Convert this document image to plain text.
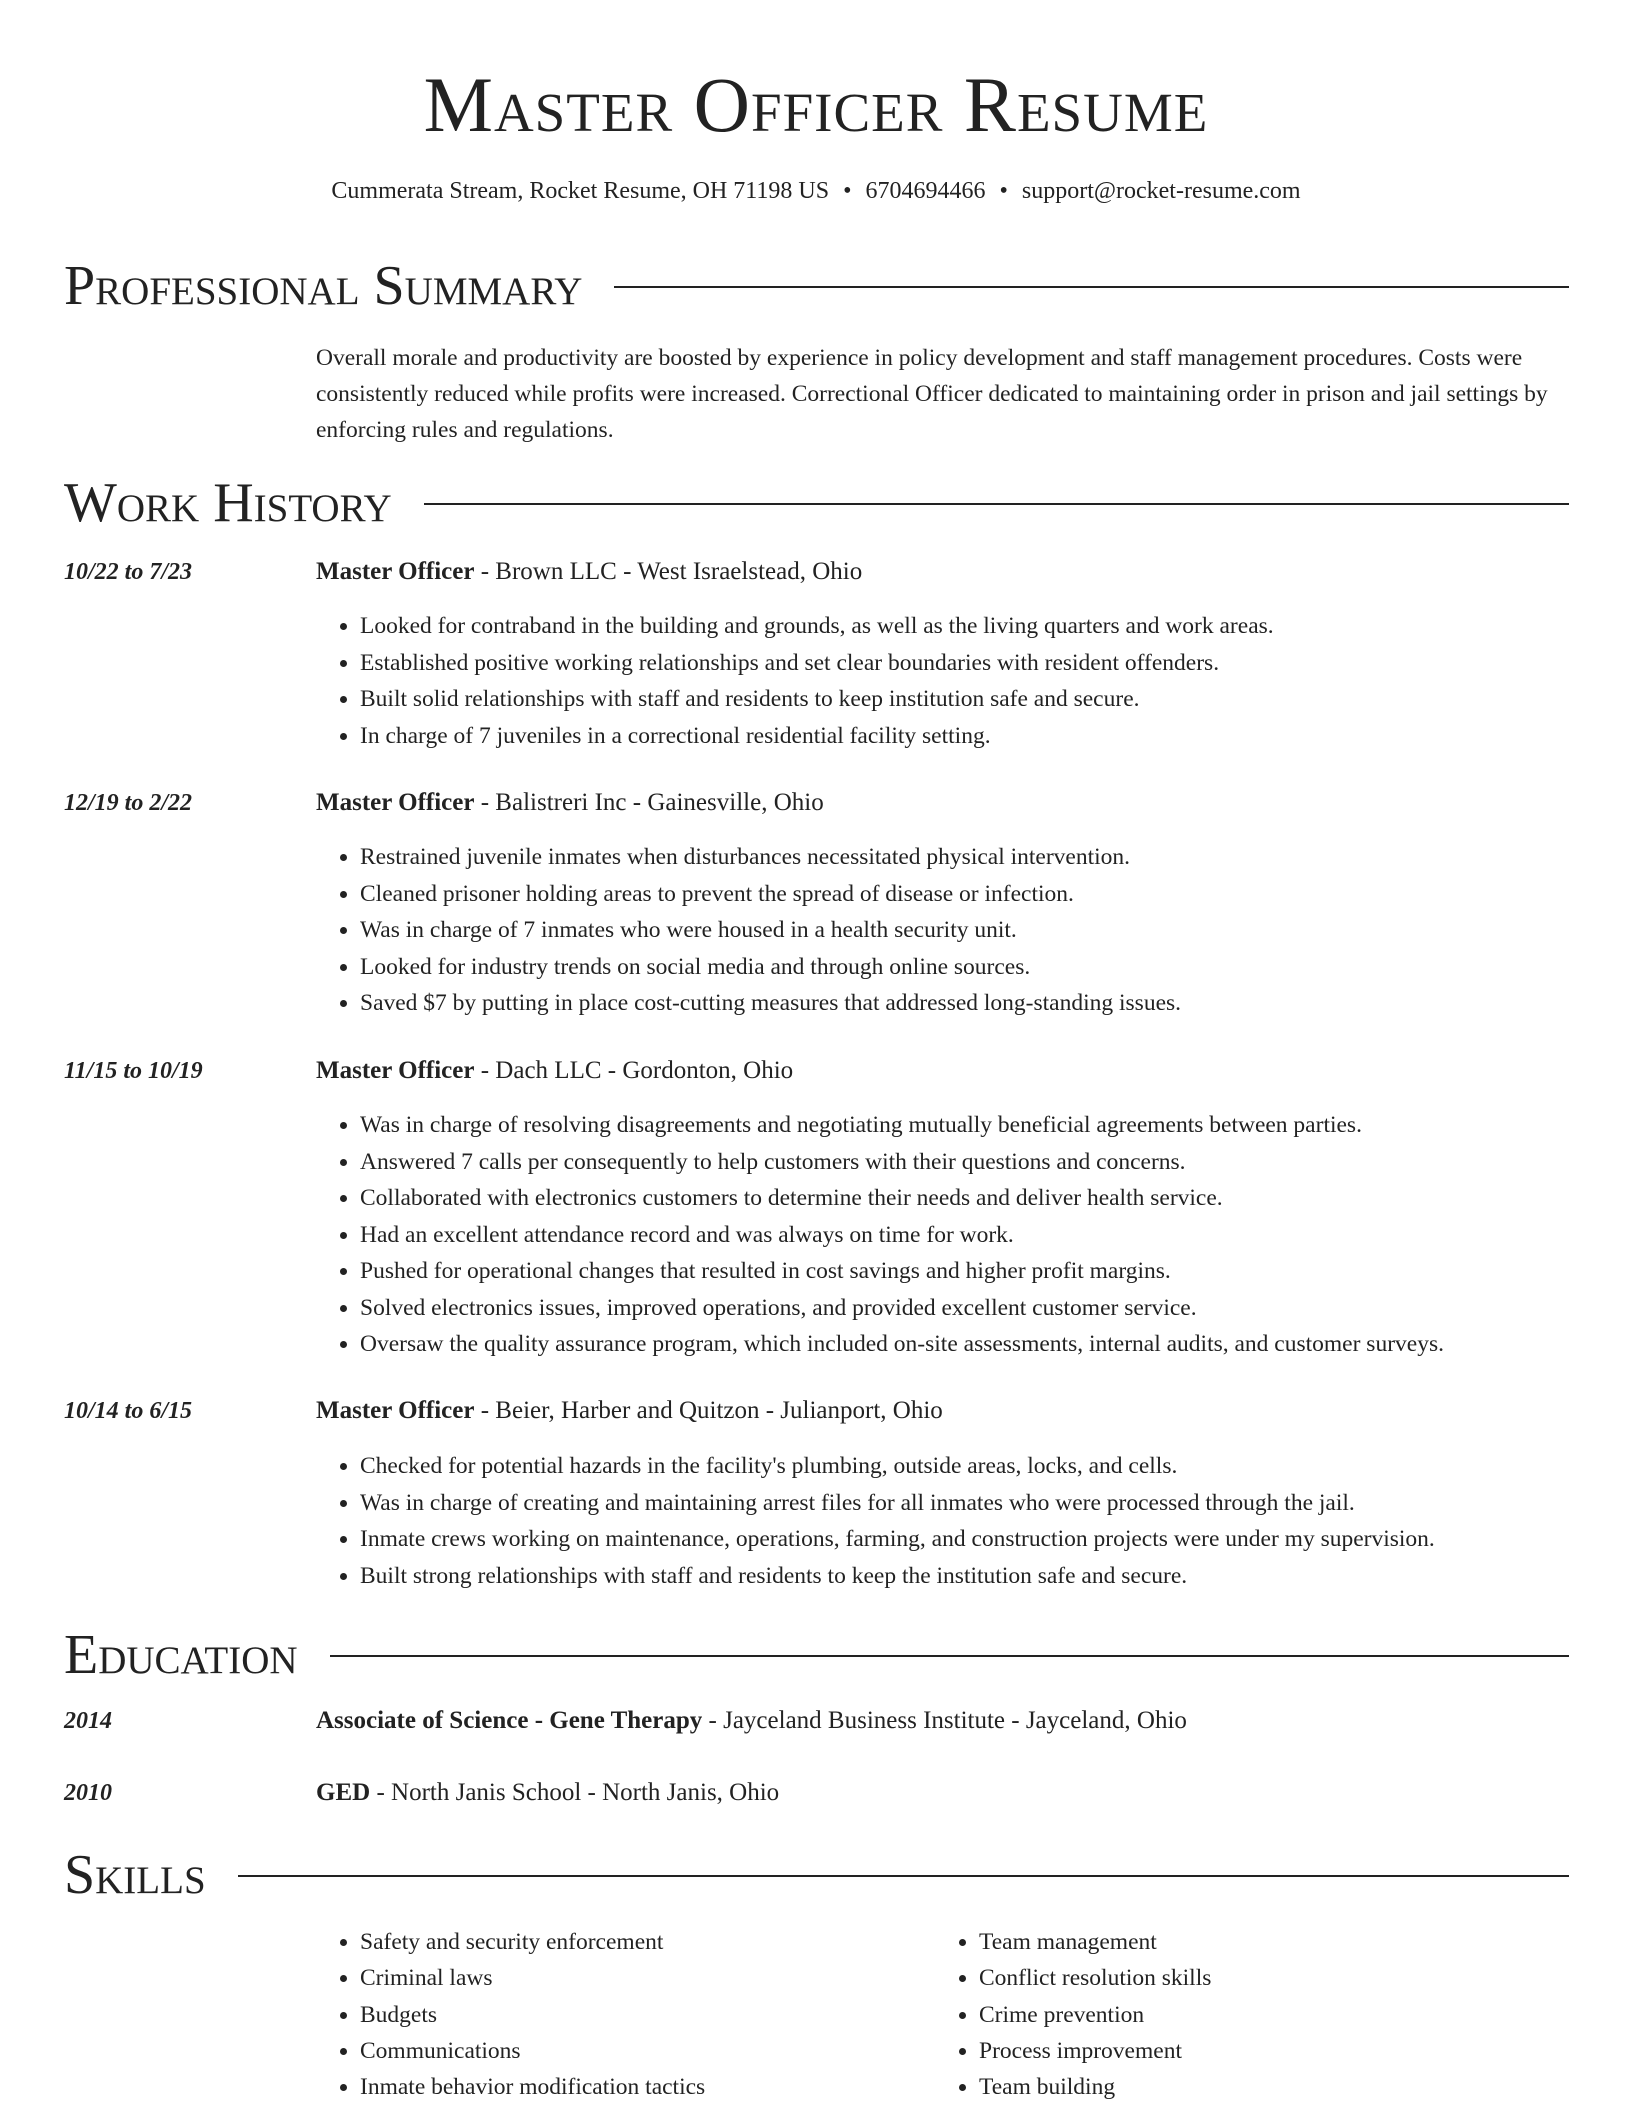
Master Officer Resume
Cummerata Stream, Rocket Resume, OH 71198 US • 6704694466 • support@rocket-resume.com
Professional Summary
Overall morale and productivity are boosted by experience in policy development and staff management procedures. Costs were consistently reduced while profits were increased. Correctional Officer dedicated to maintaining order in prison and jail settings by enforcing rules and regulations.
Work History
10/22 to 7/23	Master Officer - Brown LLC - West Israelstead, Ohio
• Looked for contraband in the building and grounds, as well as the living quarters and work areas.
• Established positive working relationships and set clear boundaries with resident offenders.
• Built solid relationships with staff and residents to keep institution safe and secure.
• In charge of 7 juveniles in a correctional residential facility setting.
12/19 to 2/22	Master Officer - Balistreri Inc - Gainesville, Ohio
• Restrained juvenile inmates when disturbances necessitated physical intervention.
• Cleaned prisoner holding areas to prevent the spread of disease or infection.
• Was in charge of 7 inmates who were housed in a health security unit.
• Looked for industry trends on social media and through online sources.
• Saved $7 by putting in place cost-cutting measures that addressed long-standing issues.
11/15 to 10/19	Master Officer - Dach LLC - Gordonton, Ohio
• Was in charge of resolving disagreements and negotiating mutually beneficial agreements between parties.
• Answered 7 calls per consequently to help customers with their questions and concerns.
• Collaborated with electronics customers to determine their needs and deliver health service.
• Had an excellent attendance record and was always on time for work.
• Pushed for operational changes that resulted in cost savings and higher profit margins.
• Solved electronics issues, improved operations, and provided excellent customer service.
• Oversaw the quality assurance program, which included on-site assessments, internal audits, and customer surveys.
10/14 to 6/15	Master Officer - Beier, Harber and Quitzon - Julianport, Ohio
• Checked for potential hazards in the facility's plumbing, outside areas, locks, and cells.
• Was in charge of creating and maintaining arrest files for all inmates who were processed through the jail.
• Inmate crews working on maintenance, operations, farming, and construction projects were under my supervision.
• Built strong relationships with staff and residents to keep the institution safe and secure.
Education
2014	Associate of Science - Gene Therapy - Jayceland Business Institute - Jayceland, Ohio
2010	GED - North Janis School - North Janis, Ohio
Skills
• Safety and security enforcement
• Criminal laws
• Budgets
• Communications
• Inmate behavior modification tactics
• Team management
• Conflict resolution skills
• Crime prevention
• Process improvement
• Team building
